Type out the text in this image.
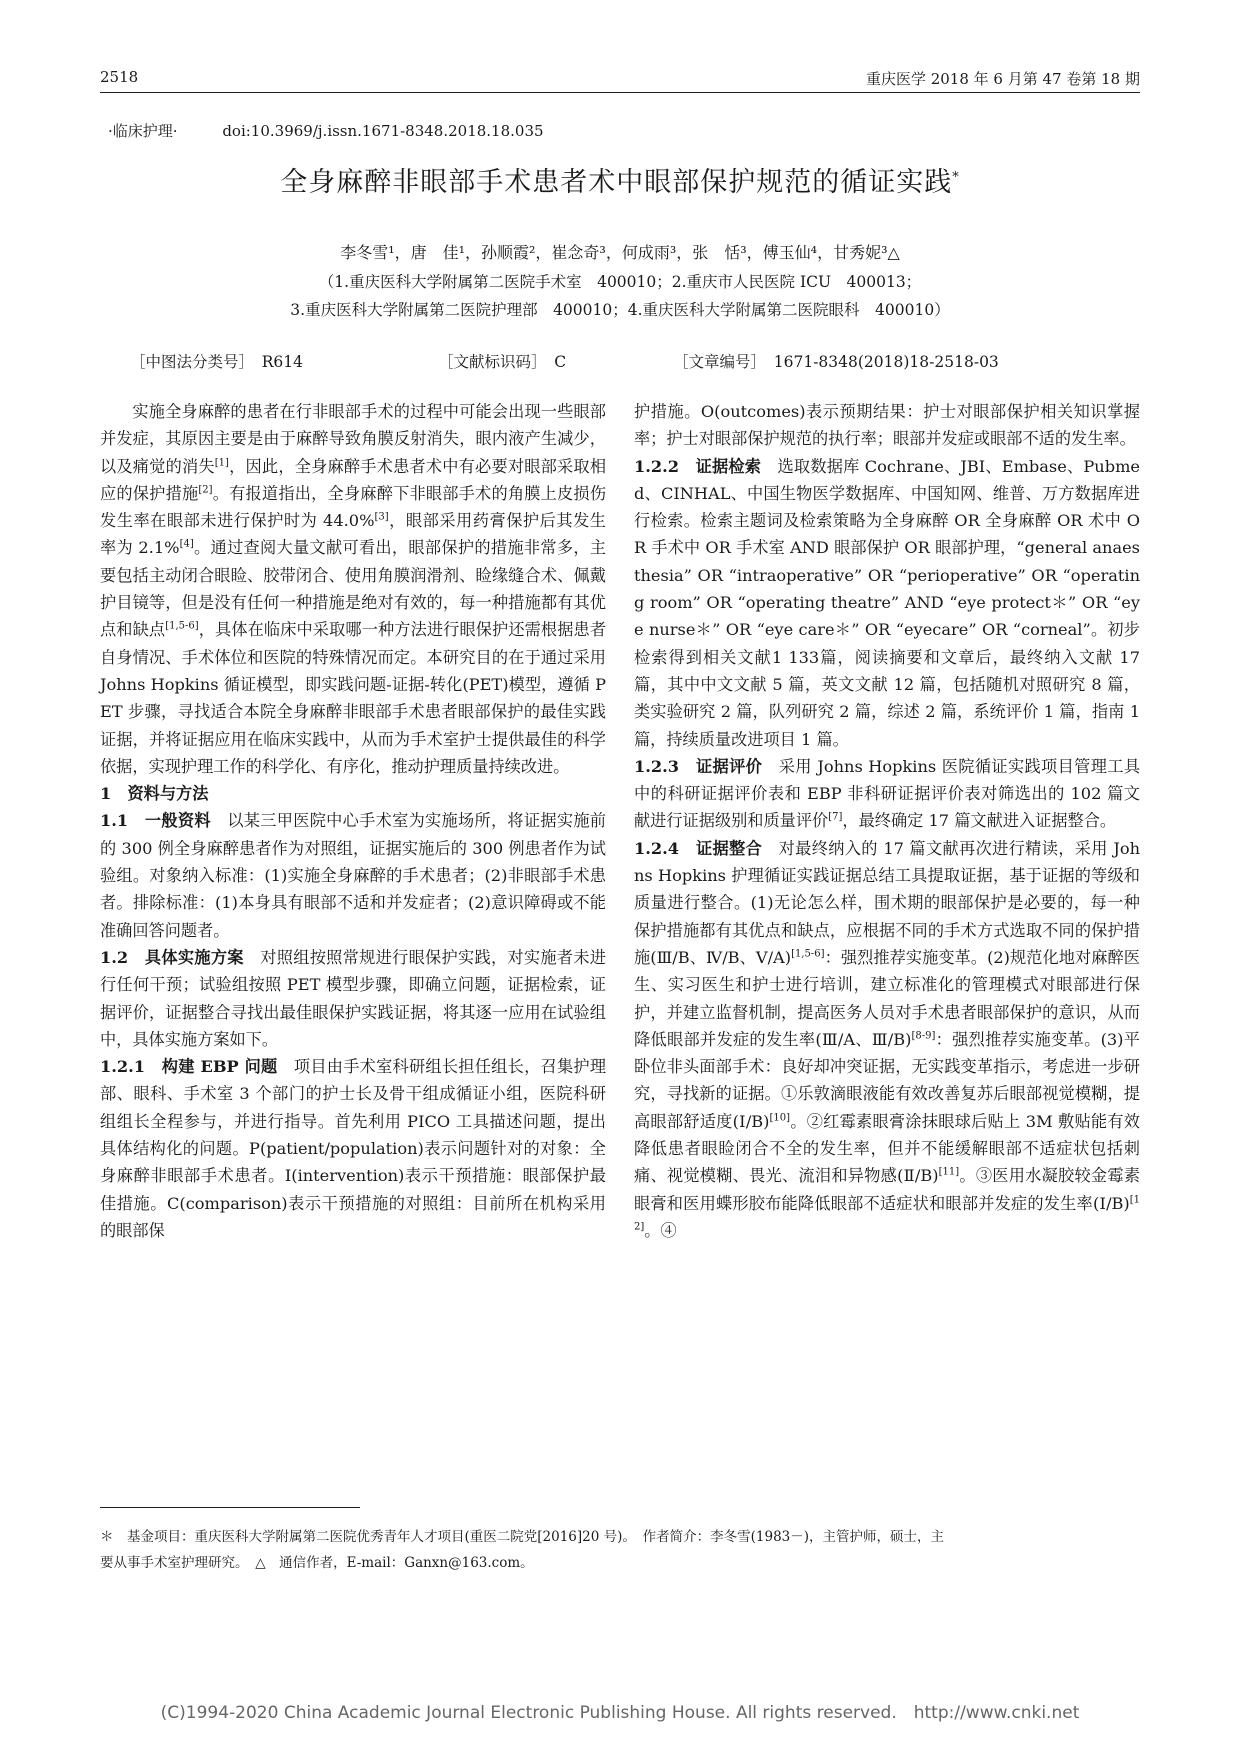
2518	重庆医学 2018 年 6 月第 47 卷第 18 期
·临床护理·	doi:10.3969/j.issn.1671-8348.2018.18.035
全身麻醉非眼部手术患者术中眼部保护规范的循证实践*
李冬雪¹，唐　佳¹，孙顺霞²，崔念奇³，何成雨³，张　恬³，傅玉仙⁴，甘秀妮³△
（1.重庆医科大学附属第二医院手术室　400010；2.重庆市人民医院 ICU　400013；
3.重庆医科大学附属第二医院护理部　400010；4.重庆医科大学附属第二医院眼科　400010）
［中图法分类号］　R614	［文献标识码］　C	［文章编号］　1671-8348(2018)18-2518-03

实施全身麻醉的患者在行非眼部手术的过程中可能会出现一些眼部并发症，其原因主要是由于麻醉导致角膜反射消失，眼内液产生减少，以及痛觉的消失[1]，因此，全身麻醉手术患者术中有必要对眼部采取相应的保护措施[2]。有报道指出，全身麻醉下非眼部手术的角膜上皮损伤发生率在眼部未进行保护时为 44.0%[3]，眼部采用药膏保护后其发生率为 2.1%[4]。通过查阅大量文献可看出，眼部保护的措施非常多，主要包括主动闭合眼睑、胶带闭合、使用角膜润滑剂、睑缘缝合术、佩戴护目镜等，但是没有任何一种措施是绝对有效的，每一种措施都有其优点和缺点[1,5-6]，具体在临床中采取哪一种方法进行眼保护还需根据患者自身情况、手术体位和医院的特殊情况而定。本研究目的在于通过采用 Johns Hopkins 循证模型，即实践问题-证据-转化(PET)模型，遵循 PET 步骤，寻找适合本院全身麻醉非眼部手术患者眼部保护的最佳实践证据，并将证据应用在临床实践中，从而为手术室护士提供最佳的科学依据，实现护理工作的科学化、有序化，推动护理质量持续改进。

1　资料与方法

1.1　一般资料　以某三甲医院中心手术室为实施场所，将证据实施前的 300 例全身麻醉患者作为对照组，证据实施后的 300 例患者作为试验组。对象纳入标准：(1)实施全身麻醉的手术患者；(2)非眼部手术患者。排除标准：(1)本身具有眼部不适和并发症者；(2)意识障碍或不能准确回答问题者。

1.2　具体实施方案　对照组按照常规进行眼保护实践，对实施者未进行任何干预；试验组按照 PET 模型步骤，即确立问题，证据检索，证据评价，证据整合寻找出最佳眼保护实践证据，将其逐一应用在试验组中，具体实施方案如下。

1.2.1　构建 EBP 问题　项目由手术室科研组长担任组长，召集护理部、眼科、手术室 3 个部门的护士长及骨干组成循证小组，医院科研组组长全程参与，并进行指导。首先利用 PICO 工具描述问题，提出具体结构化的问题。P(patient/population)表示问题针对的对象：全身麻醉非眼部手术患者。I(intervention)表示干预措施：眼部保护最佳措施。C(comparison)表示干预措施的对照组：目前所在机构采用的眼部保

护措施。O(outcomes)表示预期结果：护士对眼部保护相关知识掌握率；护士对眼部保护规范的执行率；眼部并发症或眼部不适的发生率。

1.2.2　证据检索　选取数据库 Cochrane、JBI、Embase、Pubmed、CINHAL、中国生物医学数据库、中国知网、维普、万方数据库进行检索。检索主题词及检索策略为全身麻醉 OR 全身麻醉 OR 术中 OR 手术中 OR 手术室 AND 眼部保护 OR 眼部护理，“general anaesthesia” OR “intraoperative” OR “perioperative” OR “operating room” OR “operating theatre” AND “eye protect＊” OR “eye nurse＊” OR “eye care＊” OR “eyecare” OR “corneal”。初步检索得到相关文献1 133篇，阅读摘要和文章后，最终纳入文献 17 篇，其中中文文献 5 篇，英文文献 12 篇，包括随机对照研究 8 篇，类实验研究 2 篇，队列研究 2 篇，综述 2 篇，系统评价 1 篇，指南 1 篇，持续质量改进项目 1 篇。

1.2.3　证据评价　采用 Johns Hopkins 医院循证实践项目管理工具中的科研证据评价表和 EBP 非科研证据评价表对筛选出的 102 篇文献进行证据级别和质量评价[7]，最终确定 17 篇文献进入证据整合。

1.2.4　证据整合　对最终纳入的 17 篇文献再次进行精读，采用 Johns Hopkins 护理循证实践证据总结工具提取证据，基于证据的等级和质量进行整合。(1)无论怎么样，围术期的眼部保护是必要的，每一种保护措施都有其优点和缺点，应根据不同的手术方式选取不同的保护措施(Ⅲ/B、Ⅳ/B、Ⅴ/A)[1,5-6]：强烈推荐实施变革。(2)规范化地对麻醉医生、实习医生和护士进行培训，建立标准化的管理模式对眼部进行保护，并建立监督机制，提高医务人员对手术患者眼部保护的意识，从而降低眼部并发症的发生率(Ⅲ/A、Ⅲ/B)[8-9]：强烈推荐实施变革。(3)平卧位非头面部手术：良好却冲突证据，无实践变革指示，考虑进一步研究，寻找新的证据。①乐敦滴眼液能有效改善复苏后眼部视觉模糊，提高眼部舒适度(Ⅰ/B)[10]。②红霉素眼膏涂抹眼球后贴上 3M 敷贴能有效降低患者眼睑闭合不全的发生率，但并不能缓解眼部不适症状包括刺痛、视觉模糊、畏光、流泪和异物感(Ⅱ/B)[11]。③医用水凝胶较金霉素眼膏和医用蝶形胶布能降低眼部不适症状和眼部并发症的发生率(Ⅰ/B)[12]。④

＊　基金项目：重庆医科大学附属第二医院优秀青年人才项目(重医二院党[2016]20 号)。　作者简介：李冬雪(1983－)，主管护师，硕士，主
要从事手术室护理研究。　△　通信作者，E-mail：Ganxn@163.com。
(C)1994-2020 China Academic Journal Electronic Publishing House. All rights reserved.　http://www.cnki.net
